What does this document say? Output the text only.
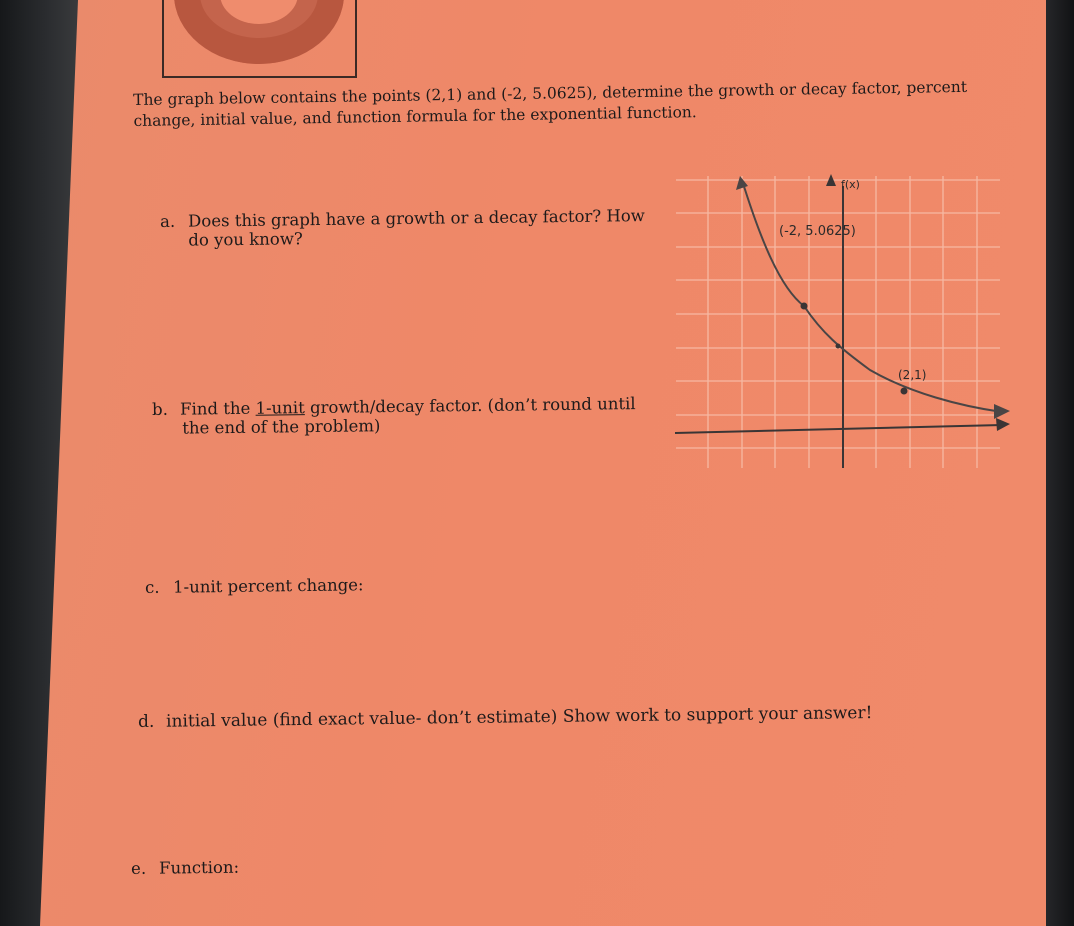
The graph below contains the points (2,1) and (-2, 5.0625), determine the growth or decay factor, percent
change, initial value, and function formula for the exponential function.
a. Does this graph have a growth or a decay factor? How
do you know?
b. Find the 1-unit growth/decay factor. (don’t round until
the end of the problem)
c. 1-unit percent change:
d. initial value (find exact value- don’t estimate) Show work to support your answer!
e. Function:
f(x)
(-2, 5.0625)
(2,1)
